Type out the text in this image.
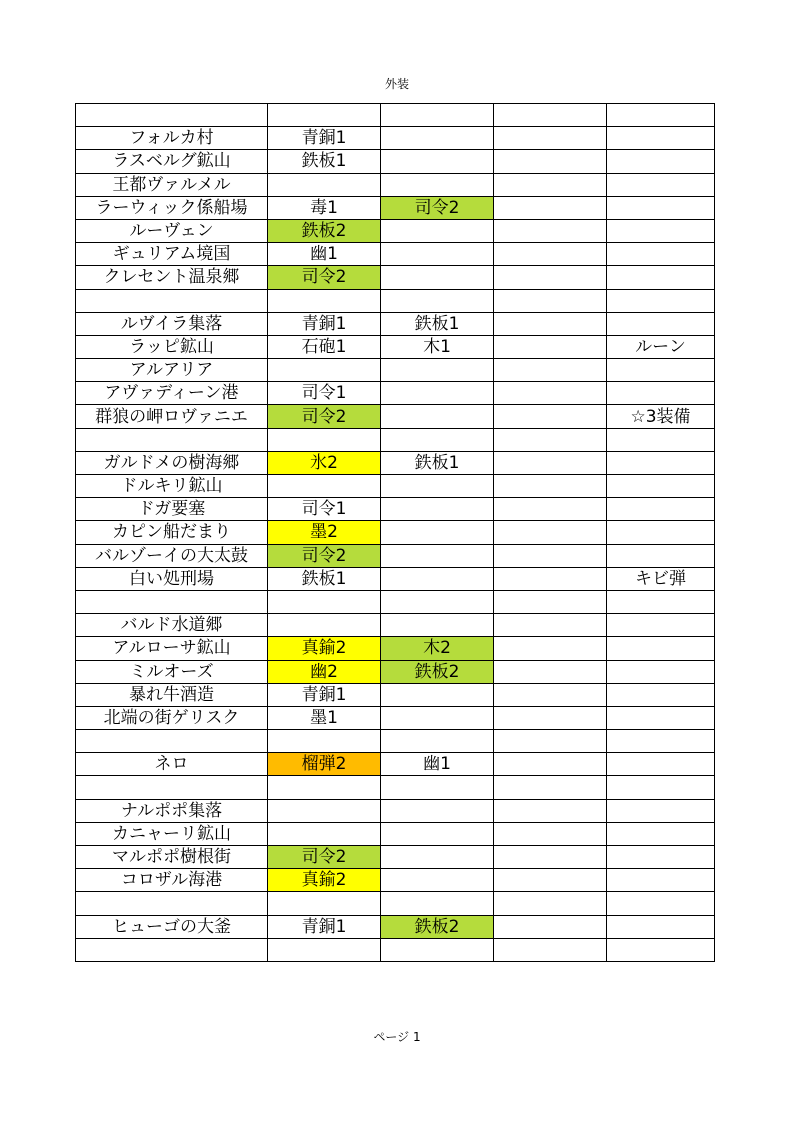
外装

フォルカ村	青銅1			
ラスベルグ鉱山	鉄板1			
王都ヴァルメル				
ラーウィック係船場	毒1	司令2		
ルーヴェン	鉄板2			
ギュリアム境国	幽1			
クレセント温泉郷	司令2			

ルヴイラ集落	青銅1	鉄板1		
ラッピ鉱山	石砲1	木1		ルーン
アルアリア				
アヴァディーン港	司令1			
群狼の岬ロヴァニエ	司令2			☆3装備

ガルドメの樹海郷	氷2	鉄板1		
ドルキリ鉱山				
ドガ要塞	司令1			
カピン船だまり	墨2			
バルゾーイの大太鼓	司令2			
白い処刑場	鉄板1			キビ弾

バルド水道郷				
アルローサ鉱山	真鍮2	木2		
ミルオーズ	幽2	鉄板2		
暴れ牛酒造	青銅1			
北端の街ゲリスク	墨1			

ネロ	榴弾2	幽1		

ナルポポ集落				
カニャーリ鉱山				
マルポポ樹根街	司令2			
コロザル海港	真鍮2			

ヒューゴの大釜	青銅1	鉄板2		

ページ 1
